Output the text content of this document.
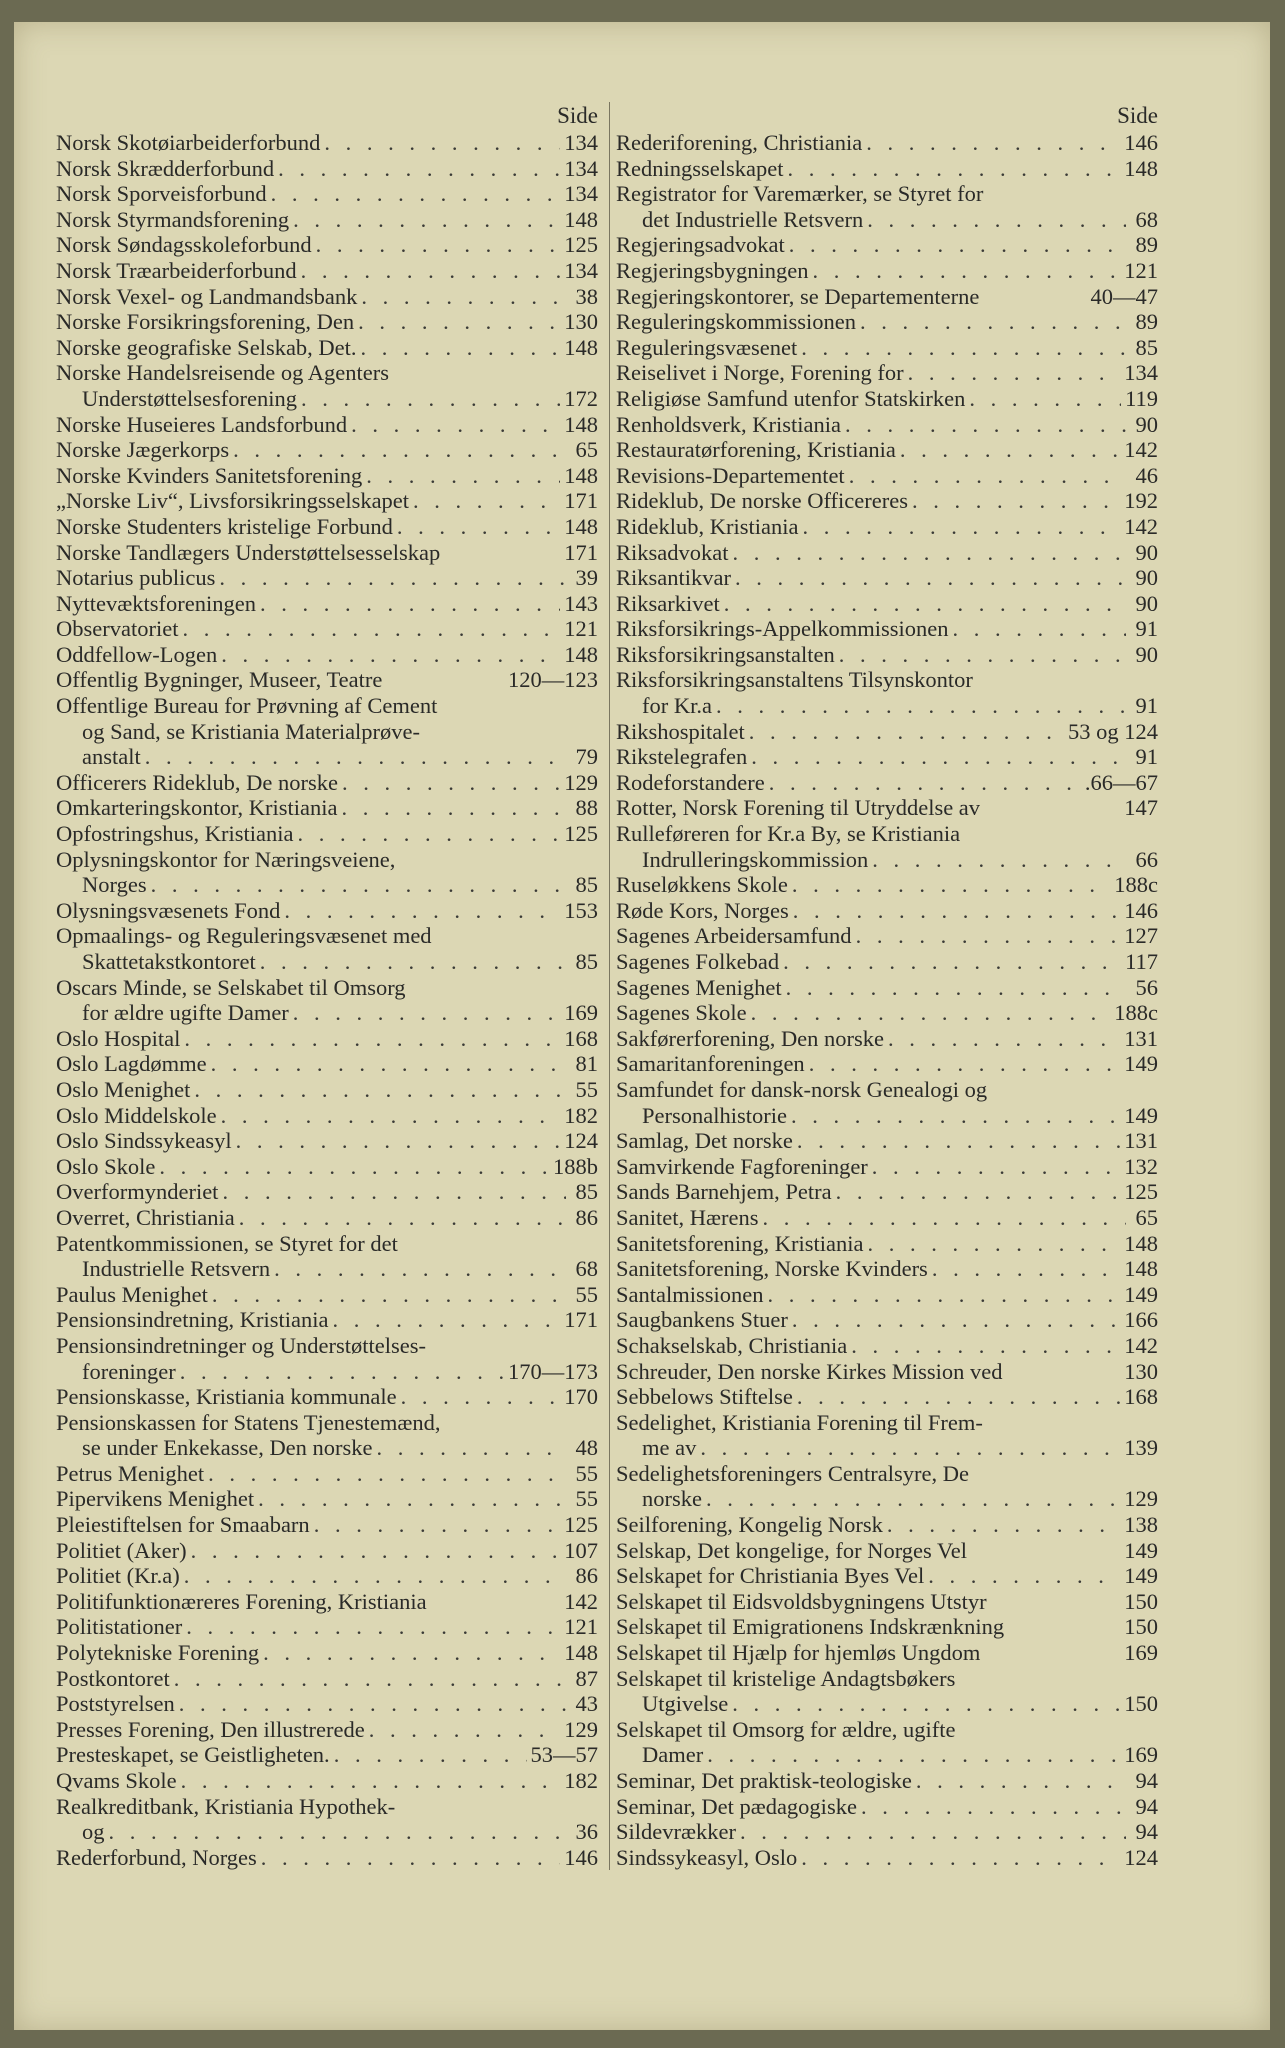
Side
Norsk Skotøiarbeiderforbund . . .	134
Norsk Skrædderforbund . . .	134
Norsk Sporveisforbund . . .	134
Norsk Styrmandsforening . . .	148
Norsk Søndagsskoleforbund . . .	125
Norsk Træarbeiderforbund . . .	134
Norsk Vexel- og Landmandsbank . . .	38
Norske Forsikringsforening, Den . . .	130
Norske geografiske Selskab, Det. . . .	148
Norske Handelsreisende og Agenters
Understøttelsesforening . . .	172
Norske Huseieres Landsforbund . . .	148
Norske Jægerkorps . . .	65
Norske Kvinders Sanitetsforening . . .	148
„Norske Liv“, Livsforsikringsselskapet . . .	171
Norske Studenters kristelige Forbund . . .	148
Norske Tandlægers Understøttelsesselskap	171
Notarius publicus . . .	39
Nyttevæktsforeningen . . .	143
Observatoriet . . .	121
Oddfellow-Logen . . .	148
Offentlig Bygninger, Museer, Teatre	120—123
Offentlige Bureau for Prøvning af Cement
og Sand, se Kristiania Materialprøve-
anstalt . . .	79
Officerers Rideklub, De norske . . .	129
Omkarteringskontor, Kristiania . . .	88
Opfostringshus, Kristiania . . .	125
Oplysningskontor for Næringsveiene,
Norges . . .	85
Olysningsvæsenets Fond . . .	153
Opmaalings- og Reguleringsvæsenet med
Skattetakstkontoret . . .	85
Oscars Minde, se Selskabet til Omsorg
for ældre ugifte Damer . . .	169
Oslo Hospital . . .	168
Oslo Lagdømme . . .	81
Oslo Menighet . . .	55
Oslo Middelskole . . .	182
Oslo Sindssykeasyl . . .	124
Oslo Skole . . .	188b
Overformynderiet . . .	85
Overret, Christiania . . .	86
Patentkommissionen, se Styret for det
Industrielle Retsvern . . .	68
Paulus Menighet . . .	55
Pensionsindretning, Kristiania . . .	171
Pensionsindretninger og Understøttelses-
foreninger . . .	170—173
Pensionskasse, Kristiania kommunale . . .	170
Pensionskassen for Statens Tjenestemænd,
se under Enkekasse, Den norske . . .	48
Petrus Menighet . . .	55
Pipervikens Menighet . . .	55
Pleiestiftelsen for Smaabarn . . .	125
Politiet (Aker) . . .	107
Politiet (Kr.a) . . .	86
Politifunktionæreres Forening, Kristiania	142
Politistationer . . .	121
Polytekniske Forening . . .	148
Postkontoret . . .	87
Poststyrelsen . . .	43
Presses Forening, Den illustrerede . . .	129
Presteskapet, se Geistligheten. . . .	53—57
Qvams Skole . . .	182
Realkreditbank, Kristiania Hypothek-
og . . .	36
Rederforbund, Norges . . .	146
Side
Rederiforening, Christiania . . .	146
Redningsselskapet . . .	148
Registrator for Varemærker, se Styret for
det Industrielle Retsvern . . .	68
Regjeringsadvokat . . .	89
Regjeringsbygningen . . .	121
Regjeringskontorer, se Departementerne	40—47
Reguleringskommissionen . . .	89
Reguleringsvæsenet . . .	85
Reiselivet i Norge, Forening for . . .	134
Religiøse Samfund utenfor Statskirken . . .	119
Renholdsverk, Kristiania . . .	90
Restauratørforening, Kristiania . . .	142
Revisions-Departementet . . .	46
Rideklub, De norske Officereres . . .	192
Rideklub, Kristiania . . .	142
Riksadvokat . . .	90
Riksantikvar . . .	90
Riksarkivet . . .	90
Riksforsikrings-Appelkommissionen . . .	91
Riksforsikringsanstalten . . .	90
Riksforsikringsanstaltens Tilsynskontor
for Kr.a . . .	91
Rikshospitalet . . .	53 og 124
Rikstelegrafen . . .	91
Rodeforstandere . . .	.66—67
Rotter, Norsk Forening til Utryddelse av	147
Rulleføreren for Kr.a By, se Kristiania
Indrulleringskommission . . .	66
Ruseløkkens Skole . . .	188c
Røde Kors, Norges . . .	146
Sagenes Arbeidersamfund . . .	127
Sagenes Folkebad . . .	117
Sagenes Menighet . . .	56
Sagenes Skole . . .	188c
Sakførerforening, Den norske . . .	131
Samaritanforeningen . . .	149
Samfundet for dansk-norsk Genealogi og
Personalhistorie . . .	149
Samlag, Det norske . . .	131
Samvirkende Fagforeninger . . .	132
Sands Barnehjem, Petra . . .	125
Sanitet, Hærens . . .	65
Sanitetsforening, Kristiania . . .	148
Sanitetsforening, Norske Kvinders . . .	148
Santalmissionen . . .	149
Saugbankens Stuer . . .	166
Schakselskab, Christiania . . .	142
Schreuder, Den norske Kirkes Mission ved	130
Sebbelows Stiftelse . . .	168
Sedelighet, Kristiania Forening til Frem-
me av . . .	139
Sedelighetsforeningers Centralsyre, De
norske . . .	129
Seilforening, Kongelig Norsk . . .	138
Selskap, Det kongelige, for Norges Vel	149
Selskapet for Christiania Byes Vel . . .	149
Selskapet til Eidsvoldsbygningens Utstyr	150
Selskapet til Emigrationens Indskrænkning	150
Selskapet til Hjælp for hjemløs Ungdom	169
Selskapet til kristelige Andagtsbøkers
Utgivelse . . .	150
Selskapet til Omsorg for ældre, ugifte
Damer . . .	169
Seminar, Det praktisk-teologiske . . .	94
Seminar, Det pædagogiske . . .	94
Sildevrækker . . .	94
Sindssykeasyl, Oslo . . .	124
